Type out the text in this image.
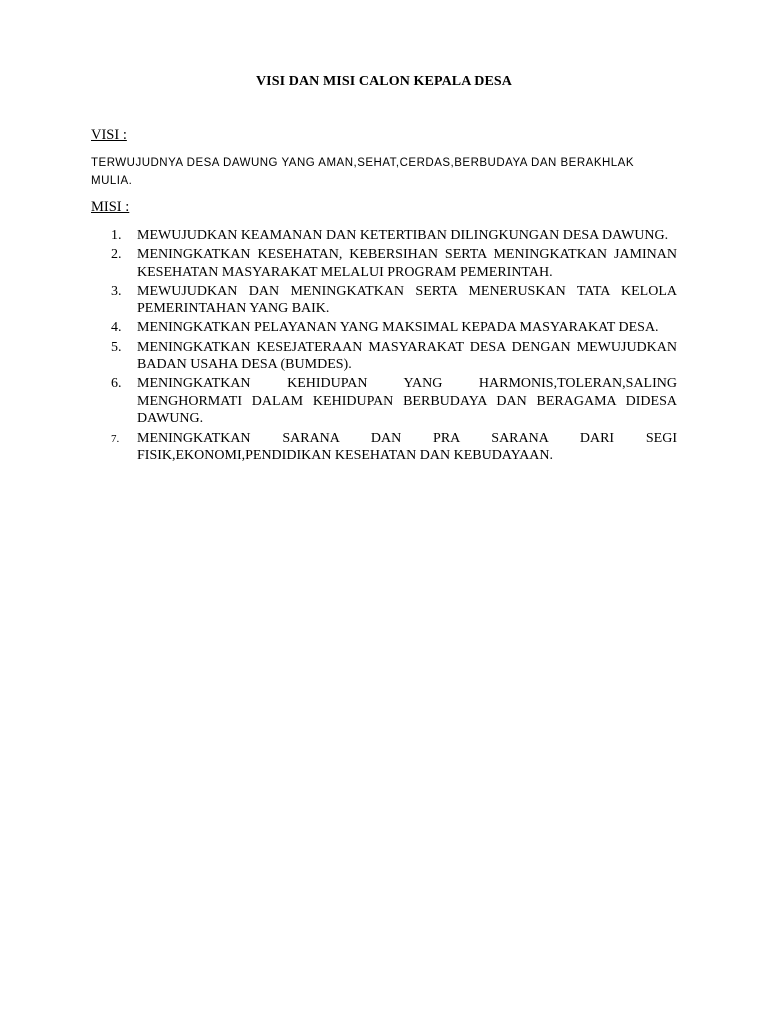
VISI DAN MISI CALON KEPALA DESA
VISI :
TERWUJUDNYA DESA DAWUNG YANG AMAN,SEHAT,CERDAS,BERBUDAYA DAN BERAKHLAK MULIA.
MISI :
1.	MEWUJUDKAN KEAMANAN DAN KETERTIBAN DILINGKUNGAN DESA DAWUNG.
2.	MENINGKATKAN KESEHATAN, KEBERSIHAN SERTA MENINGKATKAN JAMINAN KESEHATAN MASYARAKAT MELALUI PROGRAM PEMERINTAH.
3.	MEWUJUDKAN DAN MENINGKATKAN SERTA MENERUSKAN TATA KELOLA PEMERINTAHAN YANG BAIK.
4.	MENINGKATKAN PELAYANAN YANG MAKSIMAL KEPADA MASYARAKAT DESA.
5.	MENINGKATKAN KESEJATERAAN MASYARAKAT DESA DENGAN MEWUJUDKAN BADAN USAHA DESA (BUMDES).
6.	MENINGKATKAN KEHIDUPAN YANG HARMONIS,TOLERAN,SALING MENGHORMATI DALAM KEHIDUPAN BERBUDAYA DAN BERAGAMA DIDESA DAWUNG.
7.	MENINGKATKAN SARANA DAN PRA SARANA DARI SEGI FISIK,EKONOMI,PENDIDIKAN KESEHATAN DAN KEBUDAYAAN.
